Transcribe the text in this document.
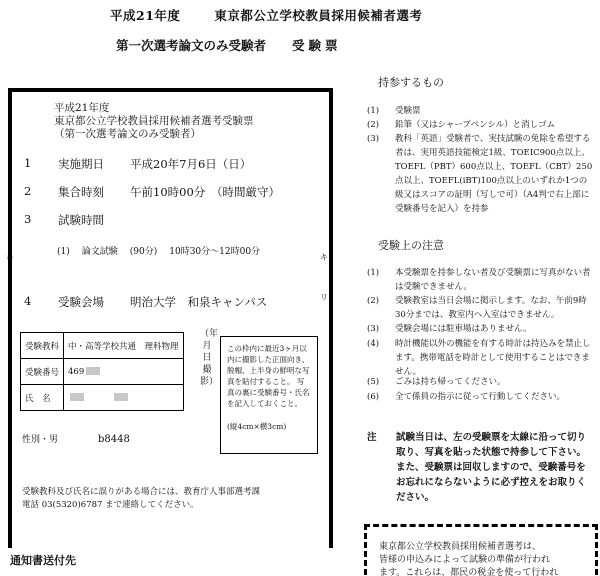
平成21年度	東京都公立学校教員採用候補者選考
第一次選考論文のみ受験者 受験票
平成21年度
東京都公立学校教員採用候補者選考受験票
（第一次選考論文のみ受験者）
1 実施期日 平成20年7月6日（日）
2 集合時刻 午前10時00分　（時間厳守）
3 試験時間
(1) 論文試験 (90分) 10時30分～12時00分
4 受験会場 明治大学　和泉キャンパス
キ	キ
リ	リ
受験教科	中・高等学校共通　理科物理
受験番号	469
氏　名	
（年月日撮影）
この枠内に最近3ヶ月以内に撮影した正面向き、脱帽、上半身の鮮明な写真を貼付すること。 写真の裏に受験番号・氏名を記入しておくこと。
(縦4cm×横3cm)
性別・男	b8448
受験教科及び氏名に誤りがある場合には、教育庁人事部選考課
電話 03(5320)6787 まで連絡してください。
通知書送付先
持参するもの
(1) 受験票
(2) 鉛筆（又はシャープペンシル）と消しゴム
(3) 教科「英語」受験者で、実技試験の免除を希望する者は、実用英語技能検定1級、TOEIC900点以上、TOEFL（PBT）600点以上、TOEFL（CBT）250点以上、TOEFL(iBT)100点以上のいずれか1つの級又はスコアの証明（写しで可）（A4判で右上部に受験番号を記入）を持参
受験上の注意
(1) 本受験票を持参しない者及び受験票に写真がない者は受験できません。
(2) 受験教室は当日会場に掲示します。なお、午前9時30分までは、教室内へ入室はできません。
(3) 受験会場には駐車場はありません。
(4) 時計機能以外の機能を有する時計は持込みを禁止します。携帯電話を時計として使用することはできません。
(5) ごみは持ち帰ってください。
(6) 全て係員の指示に従って行動してください。
注 試験当日は、左の受験票を太線に沿って切り取り、写真を貼った状態で持参して下さい。また、受験票は回収しますので、受験番号をお忘れにならないように必ず控えをお取りください。
東京都公立学校教員採用候補者選考は、
皆様の申込みによって試験の準備が行われ
ます。これらは、都民の税金を使って行われ
